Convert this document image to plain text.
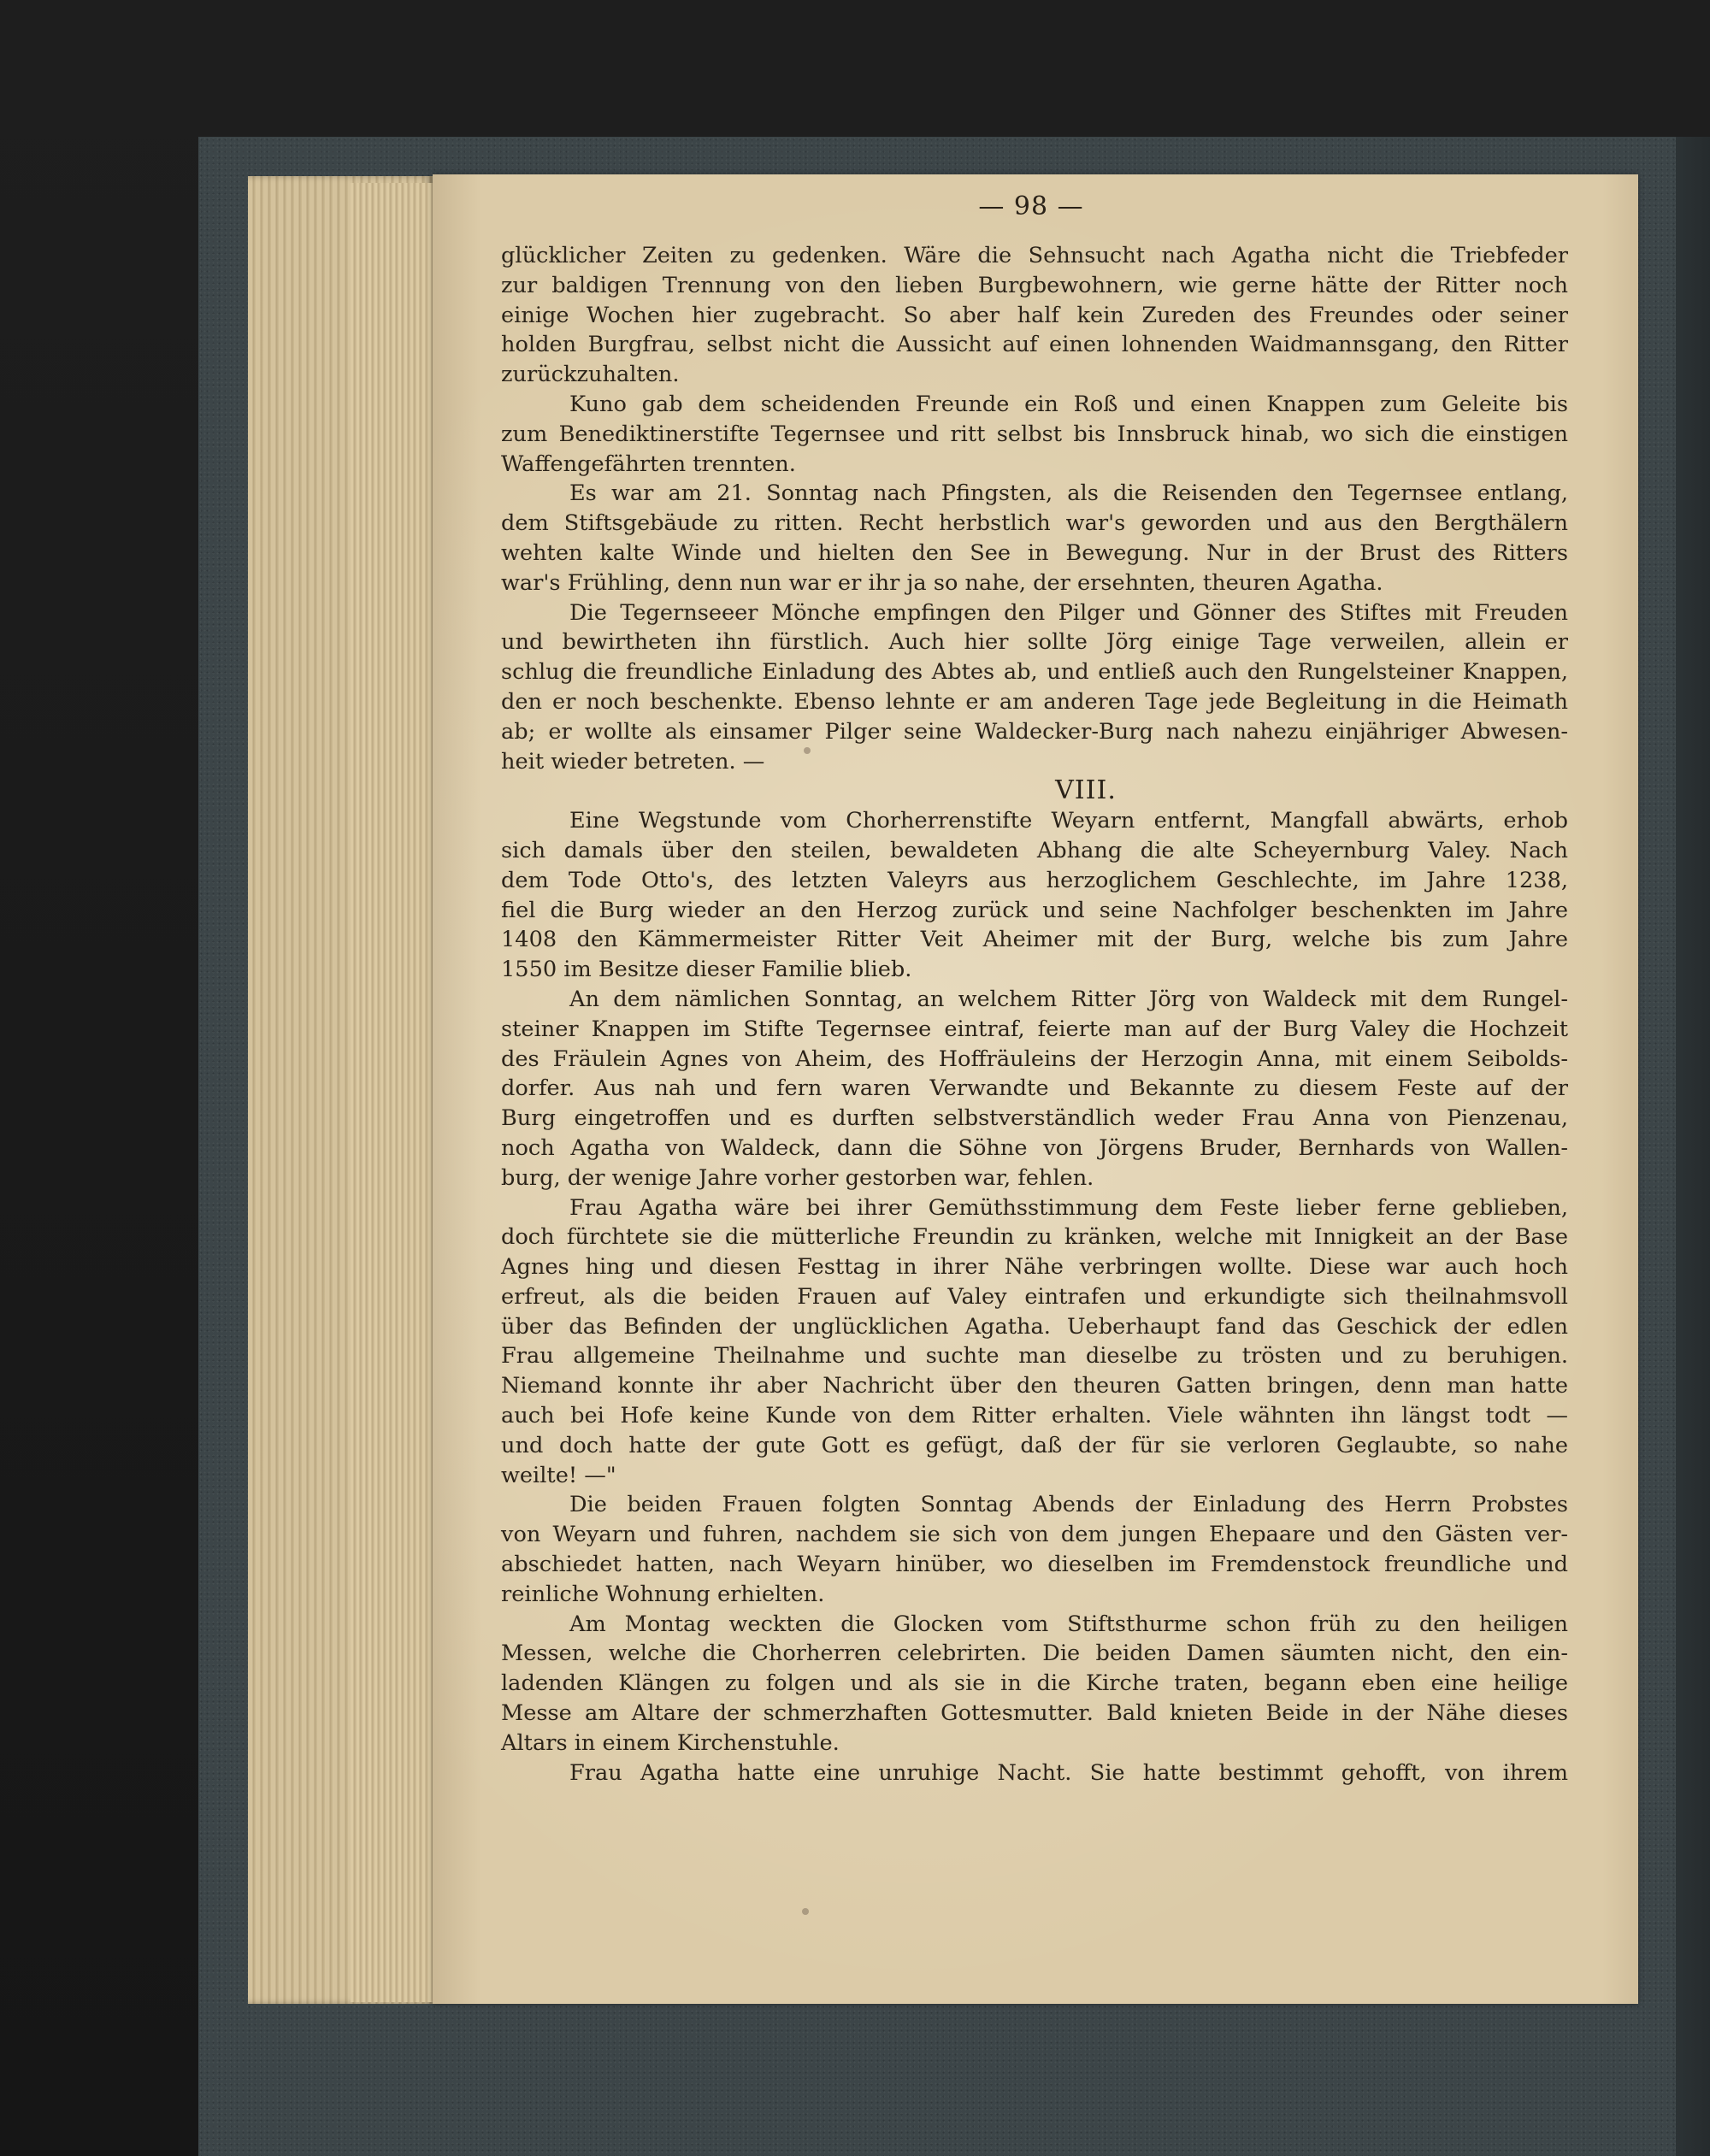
— 98 —
glücklicher Zeiten zu gedenken. Wäre die Sehnsucht nach Agatha nicht die Triebfeder
zur baldigen Trennung von den lieben Burgbewohnern, wie gerne hätte der Ritter noch
einige Wochen hier zugebracht. So aber half kein Zureden des Freundes oder seiner
holden Burgfrau, selbst nicht die Aussicht auf einen lohnenden Waidmannsgang, den Ritter
zurückzuhalten.
Kuno gab dem scheidenden Freunde ein Roß und einen Knappen zum Geleite bis
zum Benediktinerstifte Tegernsee und ritt selbst bis Innsbruck hinab, wo sich die einstigen
Waffengefährten trennten.
Es war am 21. Sonntag nach Pfingsten, als die Reisenden den Tegernsee entlang,
dem Stiftsgebäude zu ritten. Recht herbstlich war's geworden und aus den Bergthälern
wehten kalte Winde und hielten den See in Bewegung. Nur in der Brust des Ritters
war's Frühling, denn nun war er ihr ja so nahe, der ersehnten, theuren Agatha.
Die Tegernseeer Mönche empfingen den Pilger und Gönner des Stiftes mit Freuden
und bewirtheten ihn fürstlich. Auch hier sollte Jörg einige Tage verweilen, allein er
schlug die freundliche Einladung des Abtes ab, und entließ auch den Rungelsteiner Knappen,
den er noch beschenkte. Ebenso lehnte er am anderen Tage jede Begleitung in die Heimath
ab; er wollte als einsamer Pilger seine Waldecker-Burg nach nahezu einjähriger Abwesen-
heit wieder betreten. —
VIII.
Eine Wegstunde vom Chorherrenstifte Weyarn entfernt, Mangfall abwärts, erhob
sich damals über den steilen, bewaldeten Abhang die alte Scheyernburg Valey. Nach
dem Tode Otto's, des letzten Valeyrs aus herzoglichem Geschlechte, im Jahre 1238,
fiel die Burg wieder an den Herzog zurück und seine Nachfolger beschenkten im Jahre
1408 den Kämmermeister Ritter Veit Aheimer mit der Burg, welche bis zum Jahre
1550 im Besitze dieser Familie blieb.
An dem nämlichen Sonntag, an welchem Ritter Jörg von Waldeck mit dem Rungel-
steiner Knappen im Stifte Tegernsee eintraf, feierte man auf der Burg Valey die Hochzeit
des Fräulein Agnes von Aheim, des Hoffräuleins der Herzogin Anna, mit einem Seibolds-
dorfer. Aus nah und fern waren Verwandte und Bekannte zu diesem Feste auf der
Burg eingetroffen und es durften selbstverständlich weder Frau Anna von Pienzenau,
noch Agatha von Waldeck, dann die Söhne von Jörgens Bruder, Bernhards von Wallen-
burg, der wenige Jahre vorher gestorben war, fehlen.
Frau Agatha wäre bei ihrer Gemüthsstimmung dem Feste lieber ferne geblieben,
doch fürchtete sie die mütterliche Freundin zu kränken, welche mit Innigkeit an der Base
Agnes hing und diesen Festtag in ihrer Nähe verbringen wollte. Diese war auch hoch
erfreut, als die beiden Frauen auf Valey eintrafen und erkundigte sich theilnahmsvoll
über das Befinden der unglücklichen Agatha. Ueberhaupt fand das Geschick der edlen
Frau allgemeine Theilnahme und suchte man dieselbe zu trösten und zu beruhigen.
Niemand konnte ihr aber Nachricht über den theuren Gatten bringen, denn man hatte
auch bei Hofe keine Kunde von dem Ritter erhalten. Viele wähnten ihn längst todt —
und doch hatte der gute Gott es gefügt, daß der für sie verloren Geglaubte, so nahe
weilte! —"
Die beiden Frauen folgten Sonntag Abends der Einladung des Herrn Probstes
von Weyarn und fuhren, nachdem sie sich von dem jungen Ehepaare und den Gästen ver-
abschiedet hatten, nach Weyarn hinüber, wo dieselben im Fremdenstock freundliche und
reinliche Wohnung erhielten.
Am Montag weckten die Glocken vom Stiftsthurme schon früh zu den heiligen
Messen, welche die Chorherren celebrirten. Die beiden Damen säumten nicht, den ein-
ladenden Klängen zu folgen und als sie in die Kirche traten, begann eben eine heilige
Messe am Altare der schmerzhaften Gottesmutter. Bald knieten Beide in der Nähe dieses
Altars in einem Kirchenstuhle.
Frau Agatha hatte eine unruhige Nacht. Sie hatte bestimmt gehofft, von ihrem
